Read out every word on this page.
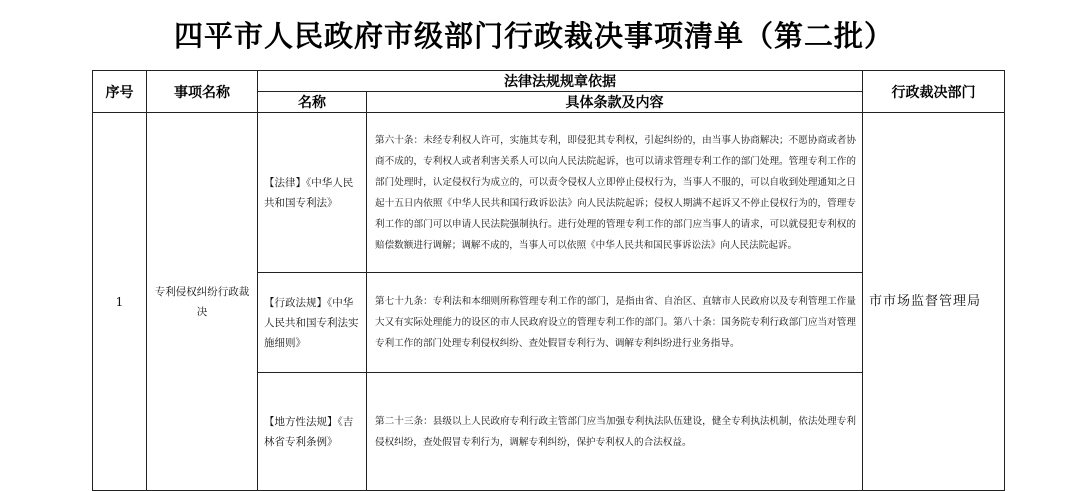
四平市人民政府市级部门行政裁决事项清单（第二批）
序号	事项名称	法律法规规章依据		行政裁决部门
		名称	具体条款及内容	
1	专利侵权纠纷行政裁决	【法律】《中华人民共和国专利法》	第六十条：未经专利权人许可，实施其专利，即侵犯其专利权，引起纠纷的，由当事人协商解决；不愿协商或者协商不成的，专利权人或者利害关系人可以向人民法院起诉，也可以请求管理专利工作的部门处理。管理专利工作的部门处理时，认定侵权行为成立的，可以责令侵权人立即停止侵权行为，当事人不服的，可以自收到处理通知之日起十五日内依照《中华人民共和国行政诉讼法》向人民法院起诉；侵权人期满不起诉又不停止侵权行为的，管理专利工作的部门可以申请人民法院强制执行。进行处理的管理专利工作的部门应当事人的请求，可以就侵犯专利权的赔偿数额进行调解；调解不成的，当事人可以依照《中华人民共和国民事诉讼法》向人民法院起诉。	市市场监督管理局
		【行政法规】《中华人民共和国专利法实施细则》	第七十九条：专利法和本细则所称管理专利工作的部门，是指由省、自治区、直辖市人民政府以及专利管理工作量大又有实际处理能力的设区的市人民政府设立的管理专利工作的部门。第八十条：国务院专利行政部门应当对管理专利工作的部门处理专利侵权纠纷、查处假冒专利行为、调解专利纠纷进行业务指导。	
		【地方性法规】《吉林省专利条例》	第二十三条：县级以上人民政府专利行政主管部门应当加强专利执法队伍建设，健全专利执法机制，依法处理专利侵权纠纷，查处假冒专利行为，调解专利纠纷，保护专利权人的合法权益。	
